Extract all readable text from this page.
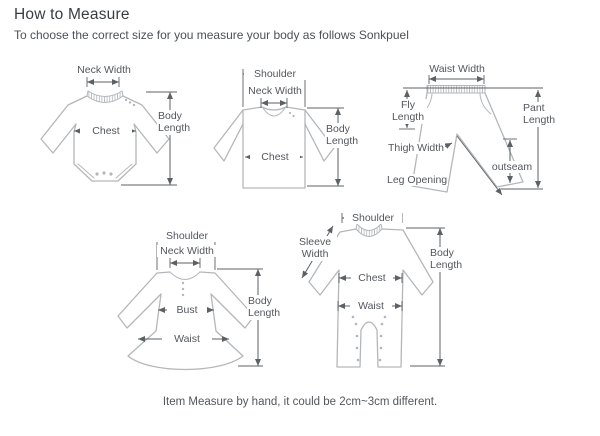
How to Measure
To choose the correct size for you measure your body as follows Sonkpuel
Neck Width
Chest
Body Length
Shoulder
Neck Width
Chest
Body Length
Waist Width
Fly Length
Pant Length
Thigh Width
outseam
Leg Opening
Shoulder
Neck Width
Bust
Waist
Body Length
Shoulder
Sleeve Width
Chest
Waist
Body Length
Item Measure by hand, it could be 2cm~3cm different.
